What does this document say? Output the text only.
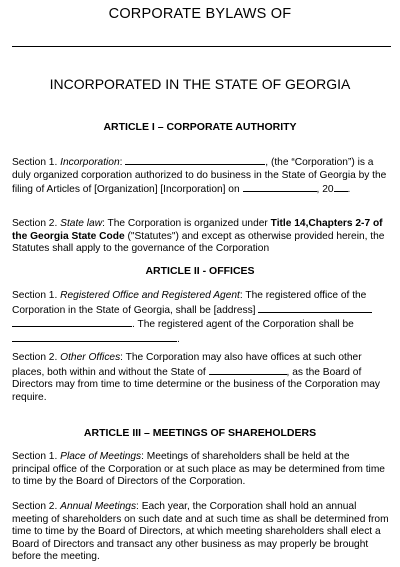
CORPORATE BYLAWS OF
INCORPORATED IN THE STATE OF GEORGIA
ARTICLE I – CORPORATE AUTHORITY
Section 1. Incorporation:	, (the “Corporation”) is a duly organized corporation authorized to do business in the State of Georgia by the filing of Articles of [Organization] [Incorporation] on	, 20 .
Section 2. State law: The Corporation is organized under Title 14,Chapters 2-7 of the Georgia State Code ("Statutes") and except as otherwise provided herein, the Statutes shall apply to the governance of the Corporation
ARTICLE II - OFFICES
Section 1. Registered Office and Registered Agent: The registered office of the Corporation in the State of Georgia, shall be [address]  . The registered agent of the Corporation shall be .
Section 2. Other Offices: The Corporation may also have offices at such other places, both within and without the State of	, as the Board of Directors may from time to time determine or the business of the Corporation may require.
ARTICLE III – MEETINGS OF SHAREHOLDERS
Section 1. Place of Meetings: Meetings of shareholders shall be held at the principal office of the Corporation or at such place as may be determined from time to time by the Board of Directors of the Corporation.
Section 2. Annual Meetings: Each year, the Corporation shall hold an annual meeting of shareholders on such date and at such time as shall be determined from time to time by the Board of Directors, at which meeting shareholders shall elect a Board of Directors and transact any other business as may properly be brought before the meeting.
